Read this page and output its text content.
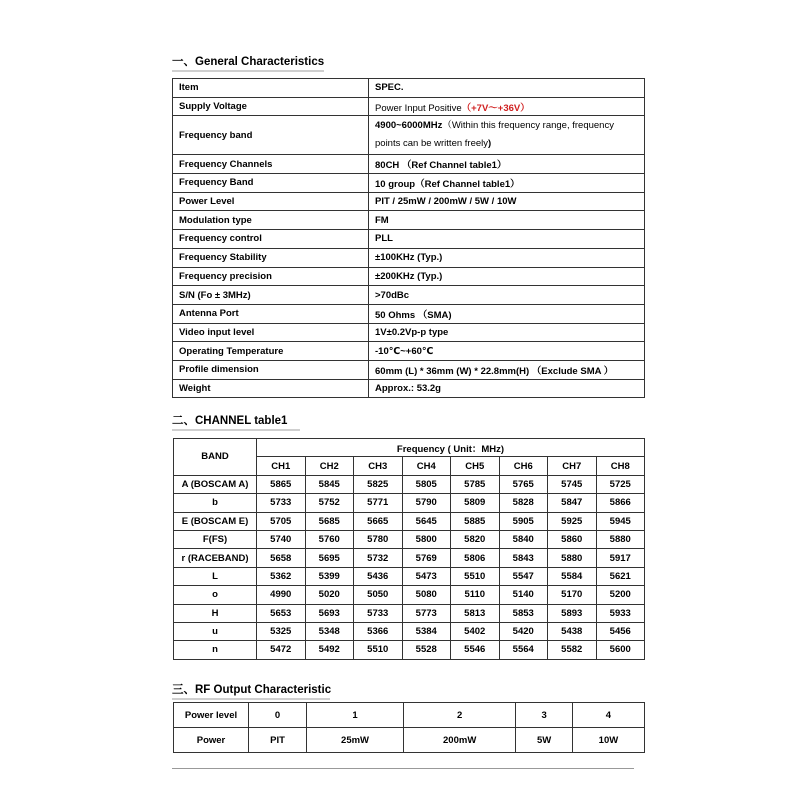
一、General Characteristics
Item	SPEC.
Supply Voltage	Power Input Positive（+7V～+36V）
Frequency band	4900~6000MHz（Within this frequency range, frequency points can be written freely)
Frequency Channels	80CH （Ref Channel table1）
Frequency Band	10 group（Ref Channel table1）
Power Level	PIT / 25mW / 200mW / 5W / 10W
Modulation type	FM
Frequency control	PLL
Frequency Stability	±100KHz (Typ.)
Frequency precision	±200KHz (Typ.)
S/N (Fo ± 3MHz)	>70dBc
Antenna Port	50 Ohms （SMA)
Video input level	1V±0.2Vp-p type
Operating Temperature	-10℃~+60℃
Profile dimension	60mm (L) * 36mm (W) * 22.8mm(H) （Exclude SMA ）
Weight	Approx.: 53.2g
二、CHANNEL table1
BAND	Frequency ( Unit：MHz)							
	CH1	CH2	CH3	CH4	CH5	CH6	CH7	CH8
A (BOSCAM A)	5865	5845	5825	5805	5785	5765	5745	5725
b	5733	5752	5771	5790	5809	5828	5847	5866
E (BOSCAM E)	5705	5685	5665	5645	5885	5905	5925	5945
F(FS)	5740	5760	5780	5800	5820	5840	5860	5880
r (RACEBAND)	5658	5695	5732	5769	5806	5843	5880	5917
L	5362	5399	5436	5473	5510	5547	5584	5621
o	4990	5020	5050	5080	5110	5140	5170	5200
H	5653	5693	5733	5773	5813	5853	5893	5933
u	5325	5348	5366	5384	5402	5420	5438	5456
n	5472	5492	5510	5528	5546	5564	5582	5600
三、RF Output Characteristic
Power level	0	1	2	3	4
Power	PIT	25mW	200mW	5W	10W
